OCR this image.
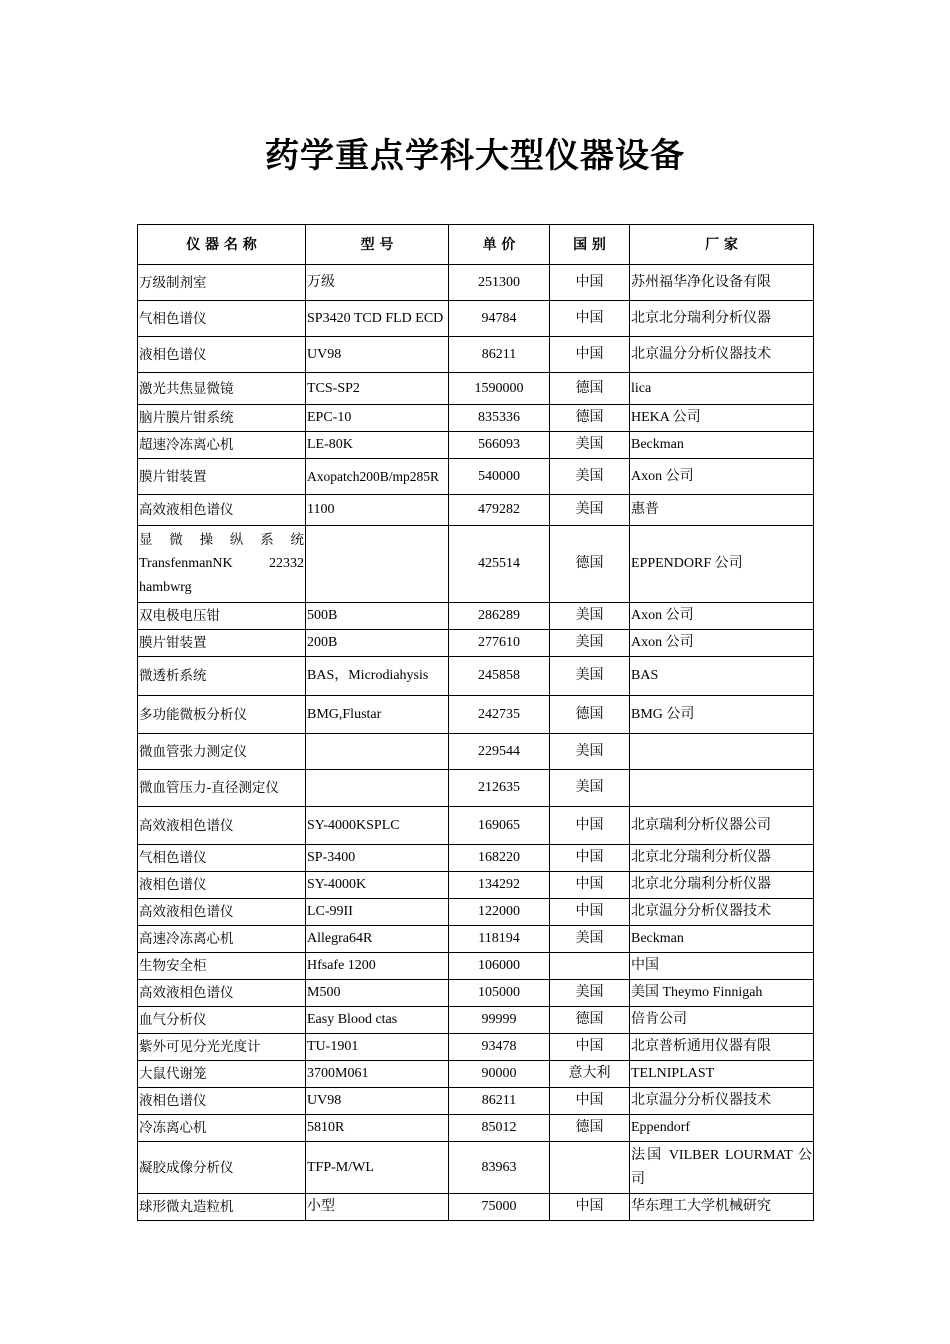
药学重点学科大型仪器设备
仪 器 名 称	型 号	单 价	国 别	厂 家
万级制剂室	万级	251300	中国	苏州福华净化设备有限
气相色谱仪	SP3420 TCD FLD ECD	94784	中国	北京北分瑞利分析仪器
液相色谱仪	UV98	86211	中国	北京温分分析仪器技术
激光共焦显微镜	TCS-SP2	1590000	德国	lica
脑片膜片钳系统	EPC-10	835336	德国	HEKA 公司
超速冷冻离心机	LE-80K	566093	美国	Beckman
膜片钳装置	Axopatch200B/mp285R	540000	美国	Axon 公司
高效液相色谱仪	1100	479282	美国	惠普

显 微 操 纵 系 统
TransfenmanNK 22332
hambwrg		425514	德国	EPPENDORF 公司
双电极电压钳	500B	286289	美国	Axon 公司
膜片钳装置	200B	277610	美国	Axon 公司
微透析系统	BAS，Microdiahysis	245858	美国	BAS
多功能微板分析仪	BMG,Flustar	242735	德国	BMG 公司
微血管张力测定仪		229544	美国	
微血管压力-直径测定仪		212635	美国	
高效液相色谱仪	SY-4000KSPLC	169065	中国	北京瑞利分析仪器公司
气相色谱仪	SP-3400	168220	中国	北京北分瑞利分析仪器
液相色谱仪	SY-4000K	134292	中国	北京北分瑞利分析仪器
高效液相色谱仪	LC-99II	122000	中国	北京温分分析仪器技术
高速冷冻离心机	Allegra64R	118194	美国	Beckman
生物安全柜	Hfsafe 1200	106000		中国
高效液相色谱仪	M500	105000	美国	美国 Theymo Finnigah
血气分析仪	Easy Blood ctas	99999	德国	倍肯公司
紫外可见分光光度计	TU-1901	93478	中国	北京普析通用仪器有限
大鼠代谢笼	3700M061	90000	意大利	TELNIPLAST
液相色谱仪	UV98	86211	中国	北京温分分析仪器技术
冷冻离心机	5810R	85012	德国	Eppendorf
凝胶成像分析仪	TFP-M/WL	83963		法国 VILBER LOURMAT 公
司

球形微丸造粒机	小型	75000	中国	华东理工大学机械研究
